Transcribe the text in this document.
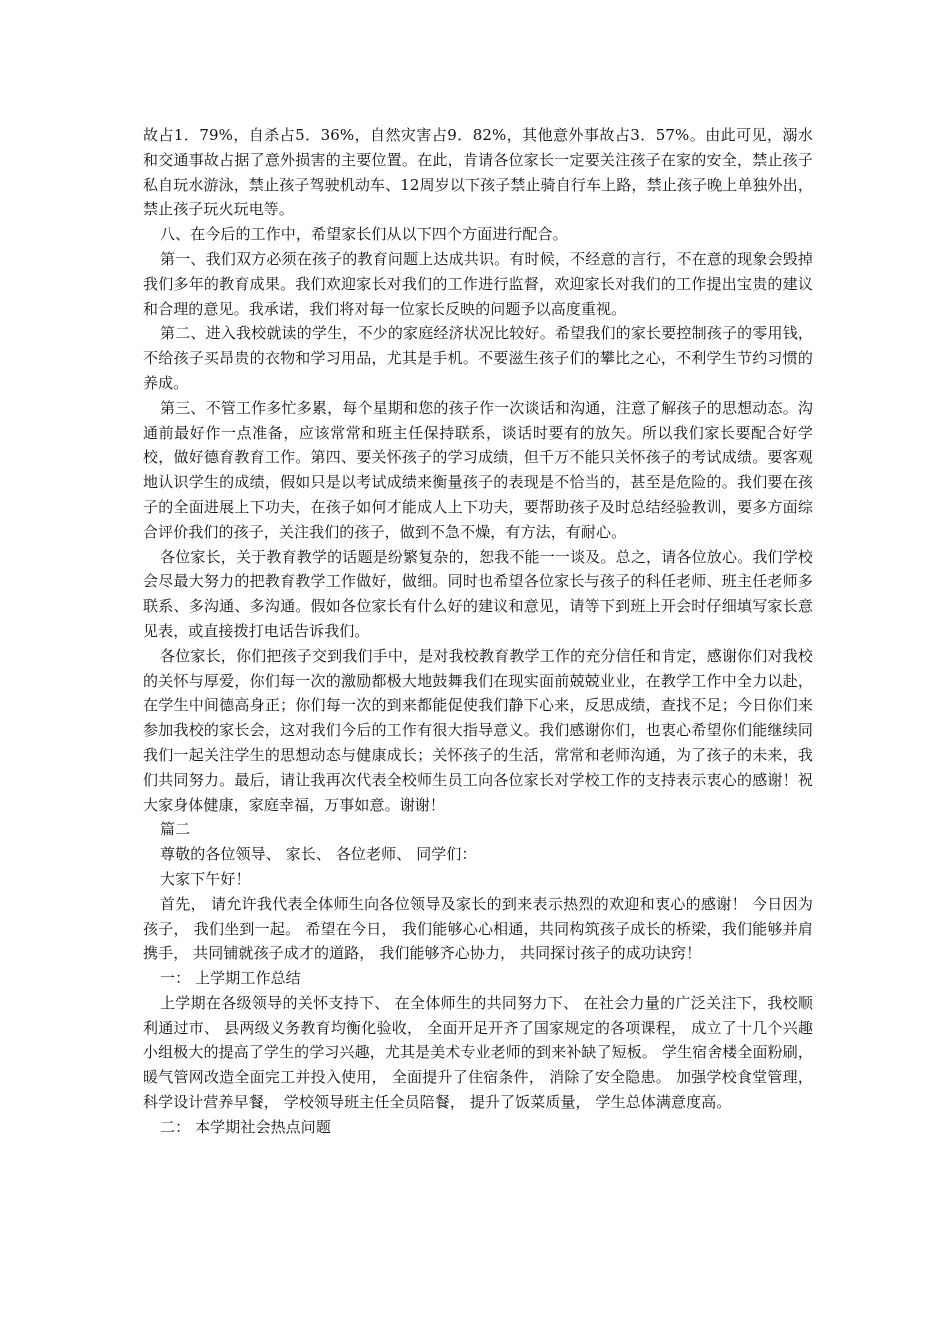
故占1．79%，自杀占5．36%，自然灾害占9．82%，其他意外事故占3．57%。由此可见，溺水和交通事故占据了意外损害的主要位置。在此，肯请各位家长一定要关注孩子在家的安全，禁止孩子私自玩水游泳，禁止孩子驾驶机动车、12周岁以下孩子禁止骑自行车上路，禁止孩子晚上单独外出，禁止孩子玩火玩电等。

八、在今后的工作中，希望家长们从以下四个方面进行配合。

第一、我们双方必须在孩子的教育问题上达成共识。有时候，不经意的言行，不在意的现象会毁掉我们多年的教育成果。我们欢迎家长对我们的工作进行监督，欢迎家长对我们的工作提出宝贵的建议和合理的意见。我承诺，我们将对每一位家长反映的问题予以高度重视。

第二、进入我校就读的学生，不少的家庭经济状况比较好。希望我们的家长要控制孩子的零用钱，不给孩子买昂贵的衣物和学习用品，尤其是手机。不要滋生孩子们的攀比之心，不利学生节约习惯的养成。

第三、不管工作多忙多累，每个星期和您的孩子作一次谈话和沟通，注意了解孩子的思想动态。沟通前最好作一点准备，应该常常和班主任保持联系，谈话时要有的放矢。所以我们家长要配合好学校，做好德育教育工作。第四、要关怀孩子的学习成绩，但千万不能只关怀孩子的考试成绩。要客观地认识学生的成绩，假如只是以考试成绩来衡量孩子的表现是不恰当的，甚至是危险的。我们要在孩子的全面进展上下功夫，在孩子如何才能成人上下功夫，要帮助孩子及时总结经验教训，要多方面综合评价我们的孩子，关注我们的孩子，做到不急不燥，有方法，有耐心。

各位家长，关于教育教学的话题是纷繁复杂的，恕我不能一一谈及。总之，请各位放心。我们学校会尽最大努力的把教育教学工作做好，做细。同时也希望各位家长与孩子的科任老师、班主任老师多联系、多沟通、多沟通。假如各位家长有什么好的建议和意见，请等下到班上开会时仔细填写家长意见表，或直接拨打电话告诉我们。

各位家长，你们把孩子交到我们手中，是对我校教育教学工作的充分信任和肯定，感谢你们对我校的关怀与厚爱，你们每一次的激励都极大地鼓舞我们在现实面前兢兢业业，在教学工作中全力以赴，在学生中间德高身正；你们每一次的到来都能促使我们静下心来，反思成绩，查找不足；今日你们来参加我校的家长会，这对我们今后的工作有很大指导意义。我们感谢你们，也衷心希望你们能继续同我们一起关注学生的思想动态与健康成长；关怀孩子的生活，常常和老师沟通，为了孩子的未来，我们共同努力。最后，请让我再次代表全校师生员工向各位家长对学校工作的支持表示衷心的感谢！祝大家身体健康，家庭幸福，万事如意。谢谢！

篇二

尊敬的各位领导、 家长、 各位老师、 同学们：

大家下午好！

首先， 请允许我代表全体师生向各位领导及家长的到来表示热烈的欢迎和衷心的感谢！ 今日因为孩子， 我们坐到一起。 希望在今日， 我们能够心心相通，共同构筑孩子成长的桥梁，我们能够并肩携手， 共同铺就孩子成才的道路， 我们能够齐心协力， 共同探讨孩子的成功诀窍！

一： 上学期工作总结

上学期在各级领导的关怀支持下、 在全体师生的共同努力下、 在社会力量的广泛关注下，我校顺利通过市、 县两级义务教育均衡化验收， 全面开足开齐了国家规定的各项课程， 成立了十几个兴趣小组极大的提高了学生的学习兴趣，尤其是美术专业老师的到来补缺了短板。 学生宿舍楼全面粉刷， 暖气管网改造全面完工并投入使用， 全面提升了住宿条件， 消除了安全隐患。 加强学校食堂管理， 科学设计营养早餐， 学校领导班主任全员陪餐， 提升了饭菜质量， 学生总体满意度高。

二： 本学期社会热点问题
